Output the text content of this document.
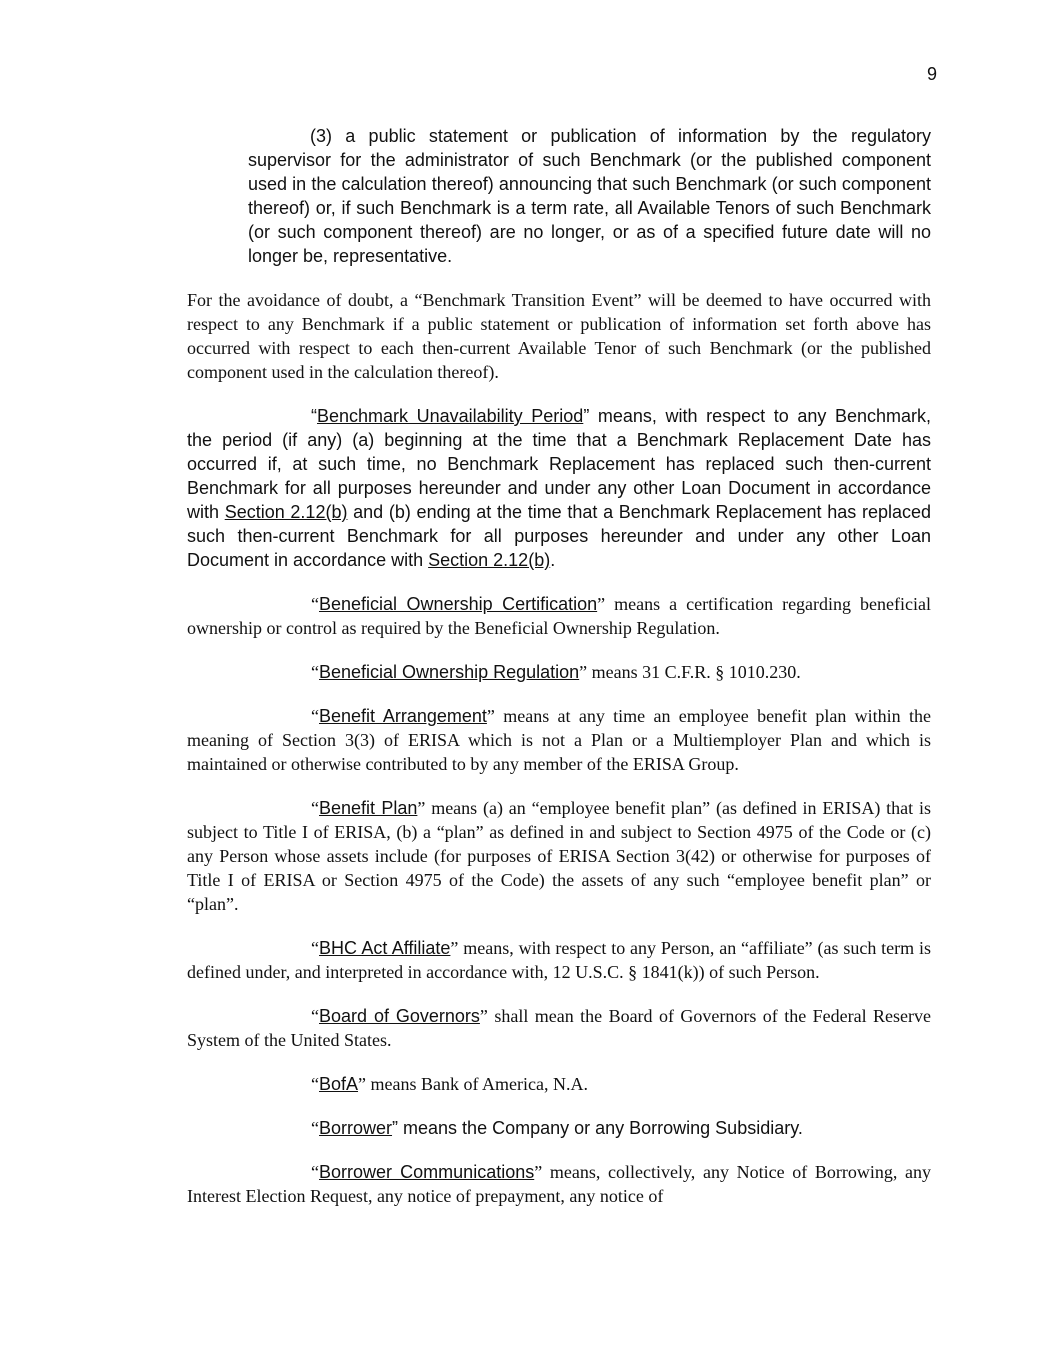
9

(3) a public statement or publication of information by the regulatory supervisor for the administrator of such Benchmark (or the published component used in the calculation thereof) announcing that such Benchmark (or such component thereof) or, if such Benchmark is a term rate, all Available Tenors of such Benchmark (or such component thereof) are no longer, or as of a specified future date will no longer be, representative.

For the avoidance of doubt, a “Benchmark Transition Event” will be deemed to have occurred with respect to any Benchmark if a public statement or publication of information set forth above has occurred with respect to each then-current Available Tenor of such Benchmark (or the published component used in the calculation thereof).

“Benchmark Unavailability Period” means, with respect to any Benchmark, the period (if any) (a) beginning at the time that a Benchmark Replacement Date has occurred if, at such time, no Benchmark Replacement has replaced such then-current Benchmark for all purposes hereunder and under any other Loan Document in accordance with Section 2.12(b) and (b) ending at the time that a Benchmark Replacement has replaced such then-current Benchmark for all purposes hereunder and under any other Loan Document in accordance with Section 2.12(b).

“Beneficial Ownership Certification” means a certification regarding beneficial ownership or control as required by the Beneficial Ownership Regulation.

“Beneficial Ownership Regulation” means 31 C.F.R. § 1010.230.

“Benefit Arrangement” means at any time an employee benefit plan within the meaning of Section 3(3) of ERISA which is not a Plan or a Multiemployer Plan and which is maintained or otherwise contributed to by any member of the ERISA Group.

“Benefit Plan” means (a) an “employee benefit plan” (as defined in ERISA) that is subject to Title I of ERISA, (b) a “plan” as defined in and subject to Section 4975 of the Code or (c) any Person whose assets include (for purposes of ERISA Section 3(42) or otherwise for purposes of Title I of ERISA or Section 4975 of the Code) the assets of any such “employee benefit plan” or “plan”.

“BHC Act Affiliate” means, with respect to any Person, an “affiliate” (as such term is defined under, and interpreted in accordance with, 12 U.S.C. § 1841(k)) of such Person.

“Board of Governors” shall mean the Board of Governors of the Federal Reserve System of the United States.

“BofA” means Bank of America, N.A.

“Borrower” means the Company or any Borrowing Subsidiary.

“Borrower Communications” means, collectively, any Notice of Borrowing, any Interest Election Request, any notice of prepayment, any notice of
